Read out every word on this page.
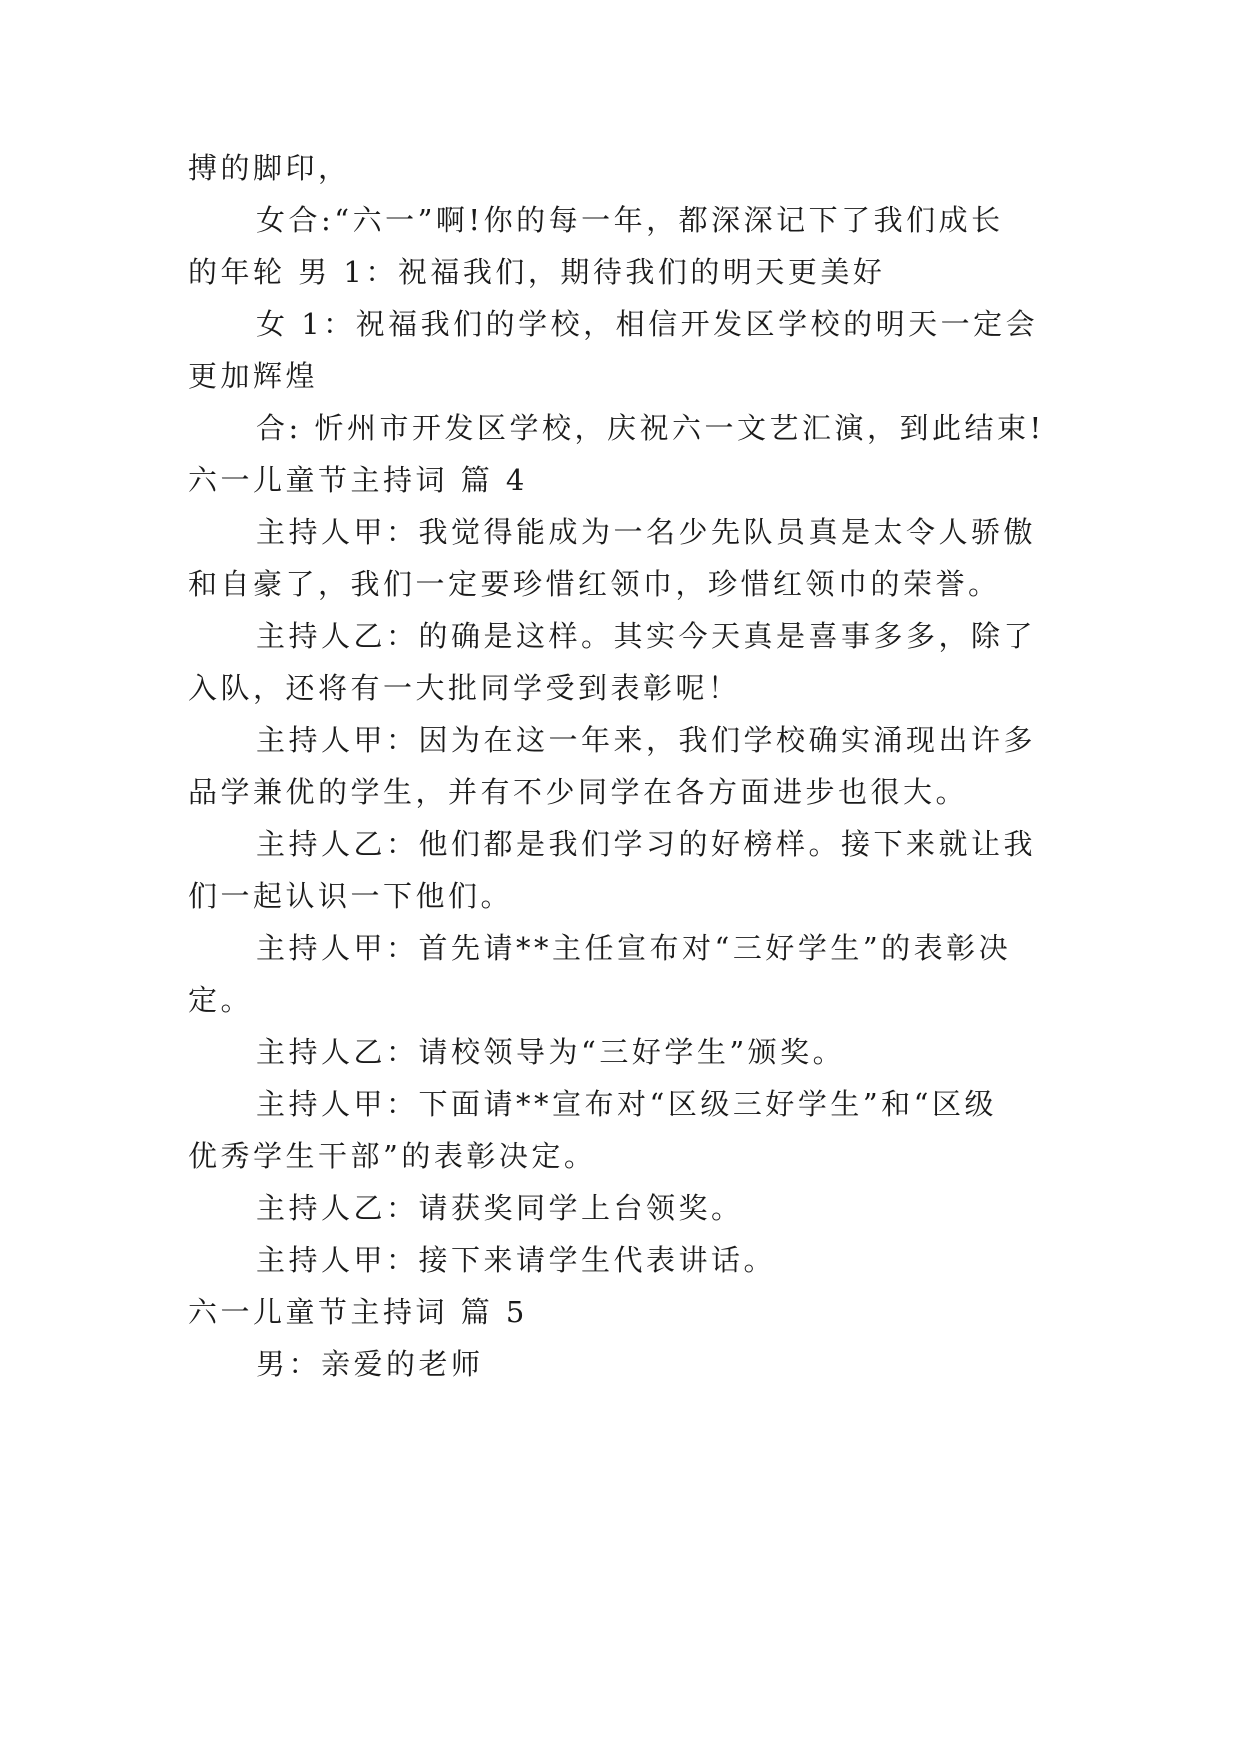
搏的脚印，
女合:“六一”啊!你的每一年，都深深记下了我们成长
的年轮 男 1：祝福我们，期待我们的明天更美好
女 1：祝福我们的学校，相信开发区学校的明天一定会
更加辉煌
合: 忻州市开发区学校，庆祝六一文艺汇演，到此结束!
六一儿童节主持词 篇 4
主持人甲：我觉得能成为一名少先队员真是太令人骄傲
和自豪了，我们一定要珍惜红领巾，珍惜红领巾的荣誉。
主持人乙：的确是这样。其实今天真是喜事多多，除了
入队，还将有一大批同学受到表彰呢！
主持人甲：因为在这一年来，我们学校确实涌现出许多
品学兼优的学生，并有不少同学在各方面进步也很大。
主持人乙：他们都是我们学习的好榜样。接下来就让我
们一起认识一下他们。
主持人甲：首先请**主任宣布对“三好学生”的表彰决
定。
主持人乙：请校领导为“三好学生”颁奖。
主持人甲：下面请**宣布对“区级三好学生”和“区级
优秀学生干部”的表彰决定。
主持人乙：请获奖同学上台领奖。
主持人甲：接下来请学生代表讲话。
六一儿童节主持词 篇 5
男：亲爱的老师
